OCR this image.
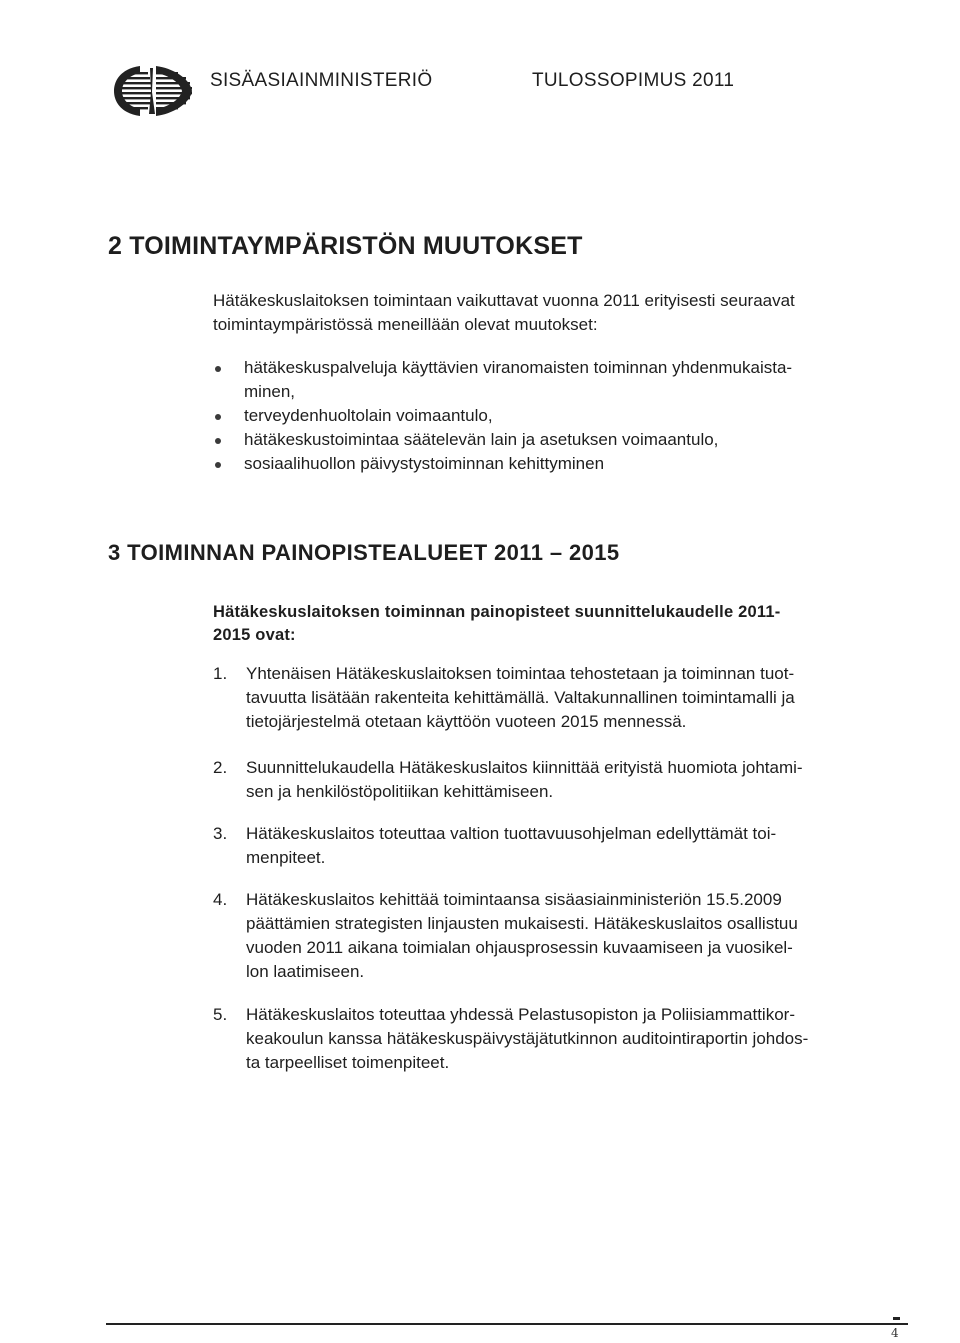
SISÄASIAINMINISTERIÖ	TULOSSOPIMUS 2011
2 TOIMINTAYMPÄRISTÖN MUUTOKSET
Hätäkeskuslaitoksen toimintaan vaikuttavat vuonna 2011 erityisesti seuraavat
toimintaympäristössä meneillään olevat muutokset:
hätäkeskuspalveluja käyttävien viranomaisten toiminnan yhdenmukaista-
minen,
terveydenhuoltolain voimaantulo,
hätäkeskustoimintaa säätelevän lain ja asetuksen voimaantulo,
sosiaalihuollon päivystystoiminnan kehittyminen
3 TOIMINNAN PAINOPISTEALUEET 2011 – 2015
Hätäkeskuslaitoksen toiminnan painopisteet suunnittelukaudelle 2011-
2015 ovat:
1. Yhtenäisen Hätäkeskuslaitoksen toimintaa tehostetaan ja toiminnan tuot-
tavuutta lisätään rakenteita kehittämällä. Valtakunnallinen toimintamalli ja
tietojärjestelmä otetaan käyttöön vuoteen 2015 mennessä.
2. Suunnittelukaudella Hätäkeskuslaitos kiinnittää erityistä huomiota johtami-
sen ja henkilöstöpolitiikan kehittämiseen.
3. Hätäkeskuslaitos toteuttaa valtion tuottavuusohjelman edellyttämät toi-
menpiteet.
4. Hätäkeskuslaitos kehittää toimintaansa sisäasiainministeriön 15.5.2009
päättämien strategisten linjausten mukaisesti. Hätäkeskuslaitos osallistuu
vuoden 2011 aikana toimialan ohjausprosessin kuvaamiseen ja vuosikel-
lon laatimiseen.
5. Hätäkeskuslaitos toteuttaa yhdessä Pelastusopiston ja Poliisiammattikor-
keakoulun kanssa hätäkeskuspäivystäjätutkinnon auditointiraportin johdos-
ta tarpeelliset toimenpiteet.
4
